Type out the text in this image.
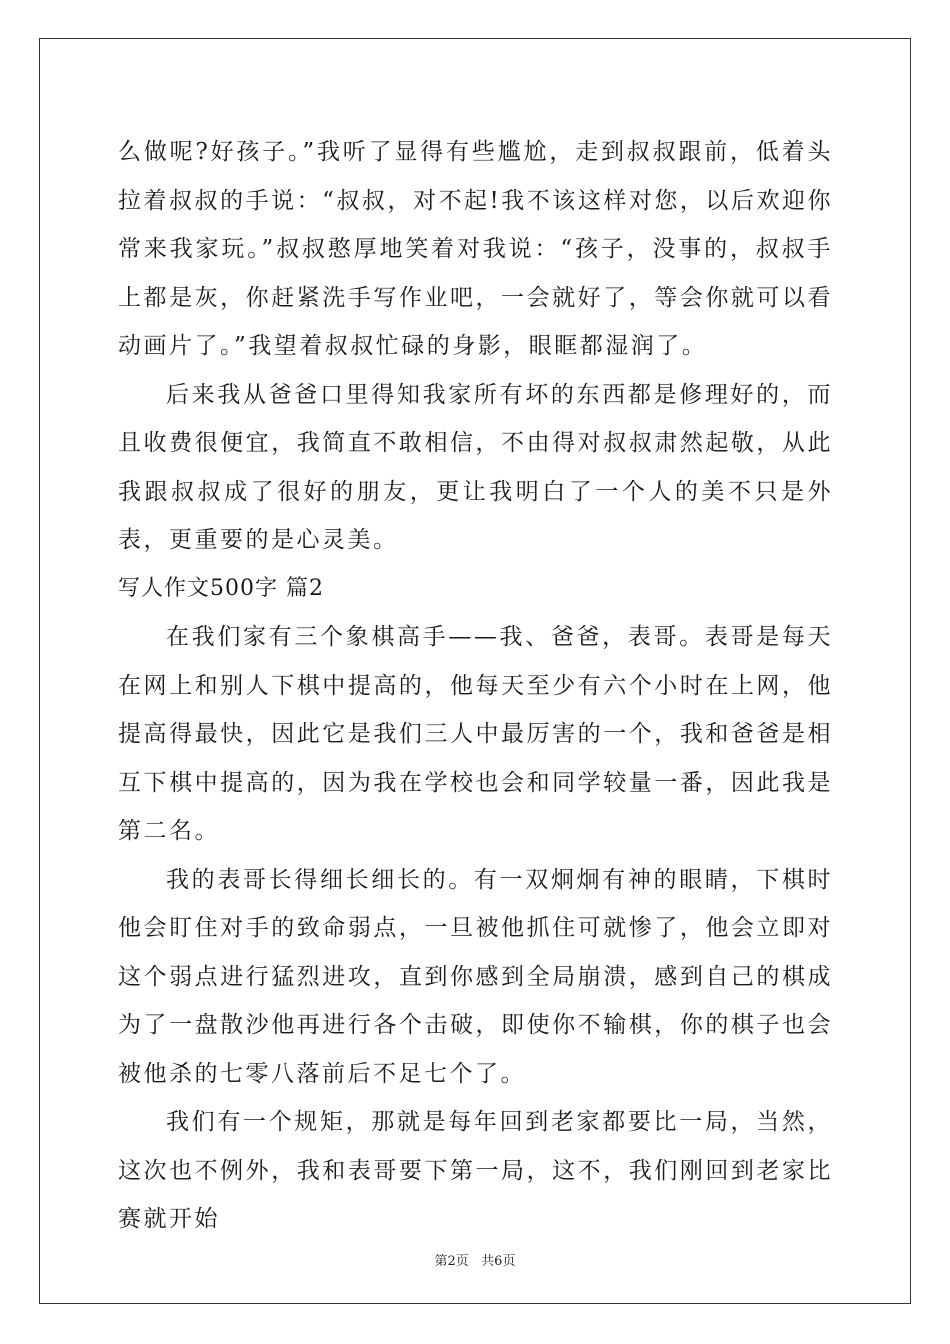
么做呢?好孩子。”我听了显得有些尴尬，走到叔叔跟前，低着头拉着叔叔的手说：“叔叔，对不起!我不该这样对您，以后欢迎你常来我家玩。”叔叔憨厚地笑着对我说：“孩子，没事的，叔叔手上都是灰，你赶紧洗手写作业吧，一会就好了，等会你就可以看动画片了。”我望着叔叔忙碌的身影，眼眶都湿润了。

后来我从爸爸口里得知我家所有坏的东西都是修理好的，而且收费很便宜，我简直不敢相信，不由得对叔叔肃然起敬，从此我跟叔叔成了很好的朋友，更让我明白了一个人的美不只是外表，更重要的是心灵美。

写人作文500字 篇2

在我们家有三个象棋高手——我、爸爸，表哥。表哥是每天在网上和别人下棋中提高的，他每天至少有六个小时在上网，他提高得最快，因此它是我们三人中最厉害的一个，我和爸爸是相互下棋中提高的，因为我在学校也会和同学较量一番，因此我是第二名。

我的表哥长得细长细长的。有一双炯炯有神的眼睛，下棋时他会盯住对手的致命弱点，一旦被他抓住可就惨了，他会立即对这个弱点进行猛烈进攻，直到你感到全局崩溃，感到自己的棋成为了一盘散沙他再进行各个击破，即使你不输棋，你的棋子也会被他杀的七零八落前后不足七个了。

我们有一个规矩，那就是每年回到老家都要比一局，当然，这次也不例外，我和表哥要下第一局，这不，我们刚回到老家比赛就开始

第2页   共6页
